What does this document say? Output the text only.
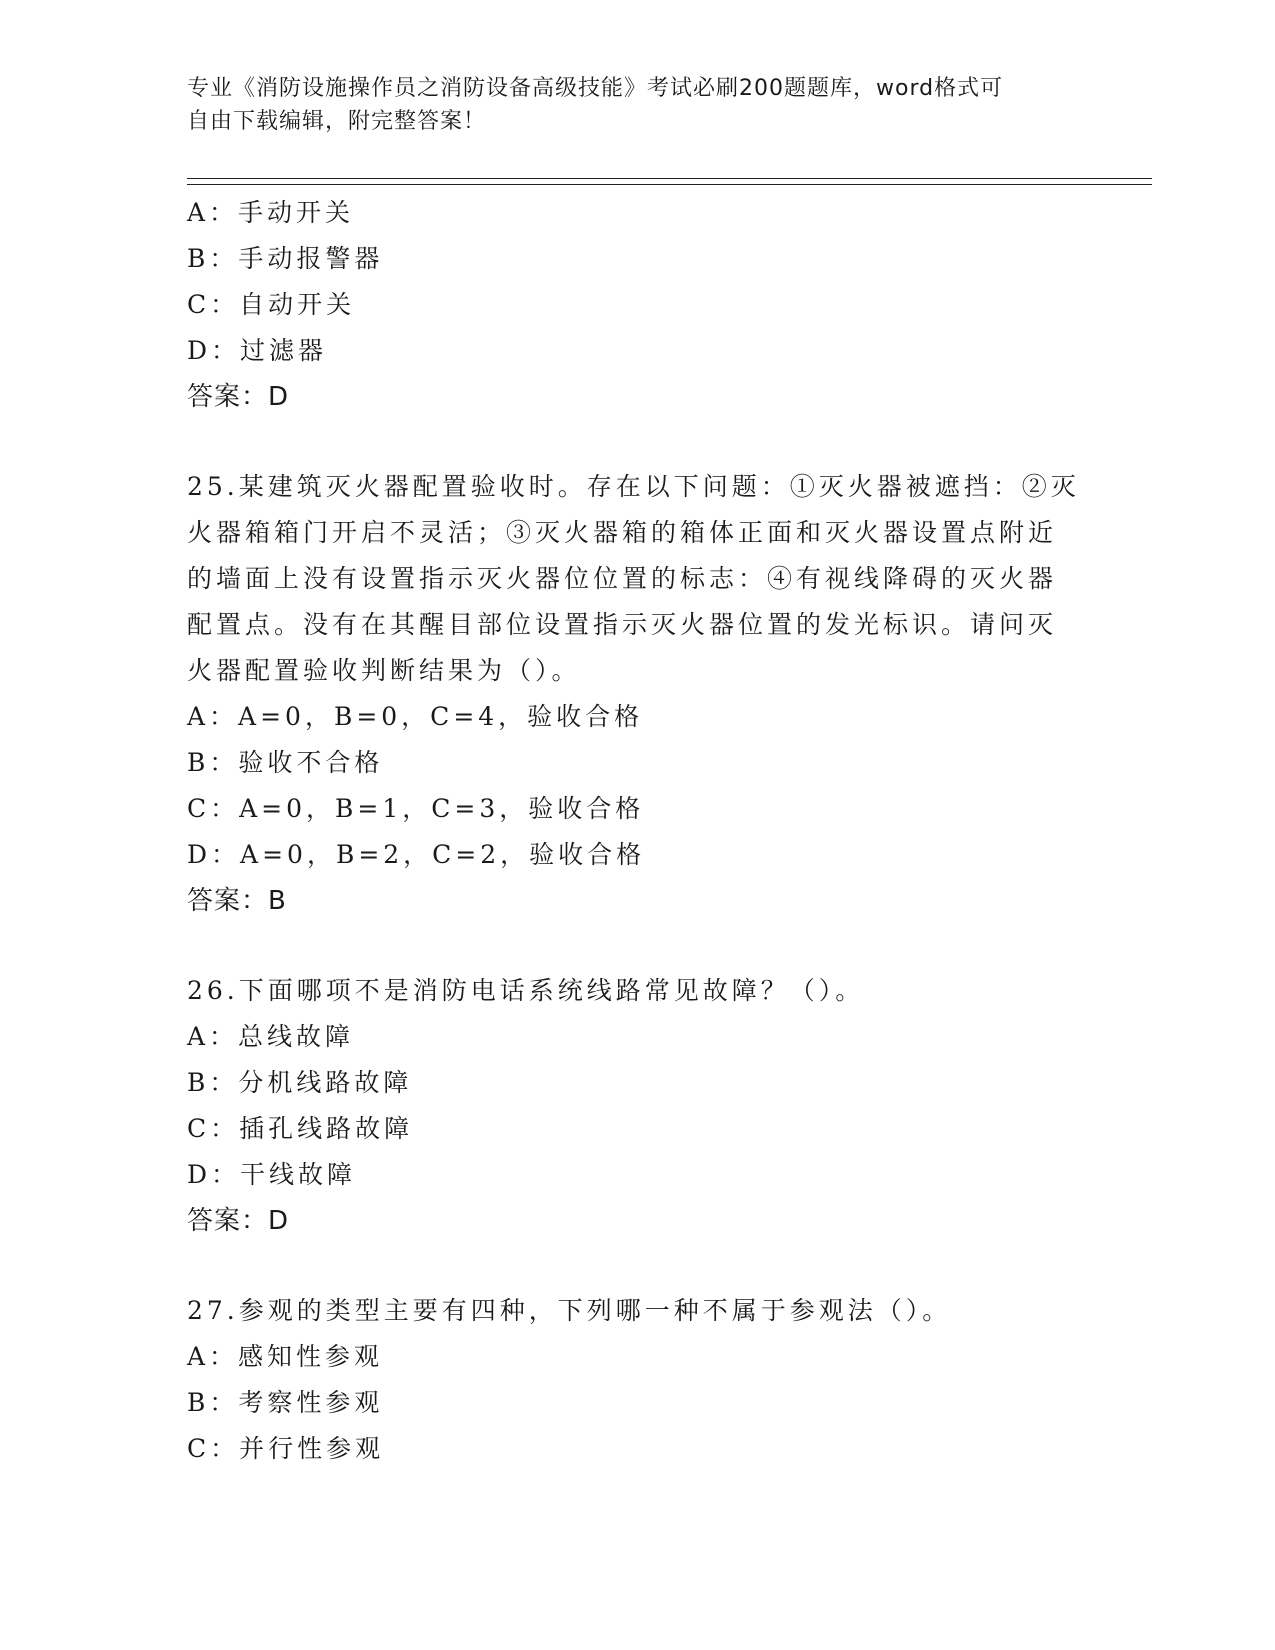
专业《消防设施操作员之消防设备高级技能》考试必刷200题题库，word格式可
自由下载编辑，附完整答案！
A：手动开关
B：手动报警器
C：自动开关
D：过滤器
答案：D
25.某建筑灭火器配置验收时。存在以下问题：①灭火器被遮挡：②灭
火器箱箱门开启不灵活；③灭火器箱的箱体正面和灭火器设置点附近
的墙面上没有设置指示灭火器位位置的标志：④有视线降碍的灭火器
配置点。没有在其醒目部位设置指示灭火器位置的发光标识。请问灭
火器配置验收判断结果为（）。
A：A=0，B=0，C=4，验收合格
B：验收不合格
C：A=0，B=1，C=3，验收合格
D：A=0，B=2，C=2，验收合格
答案：B
26.下面哪项不是消防电话系统线路常见故障？（）。
A：总线故障
B：分机线路故障
C：插孔线路故障
D：干线故障
答案：D
27.参观的类型主要有四种，下列哪一种不属于参观法（）。
A：感知性参观
B：考察性参观
C：并行性参观
